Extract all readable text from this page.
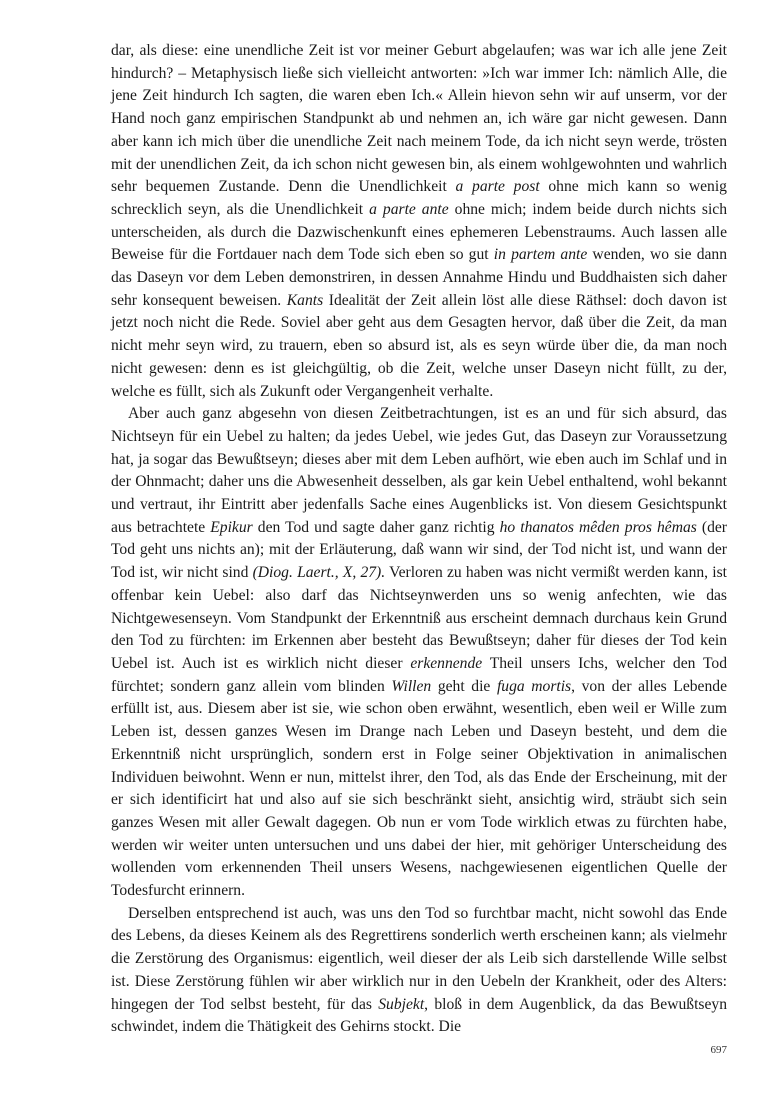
dar, als diese: eine unendliche Zeit ist vor meiner Geburt abgelaufen; was war ich alle jene Zeit hindurch? – Metaphysisch ließe sich vielleicht antworten: »Ich war immer Ich: nämlich Alle, die jene Zeit hindurch Ich sagten, die waren eben Ich.« Allein hievon sehn wir auf unserm, vor der Hand noch ganz empirischen Standpunkt ab und nehmen an, ich wäre gar nicht gewesen. Dann aber kann ich mich über die unendliche Zeit nach meinem Tode, da ich nicht seyn werde, trösten mit der unendlichen Zeit, da ich schon nicht gewesen bin, als einem wohlgewohnten und wahrlich sehr bequemen Zustande. Denn die Unendlichkeit a parte post ohne mich kann so wenig schrecklich seyn, als die Unendlichkeit a parte ante ohne mich; indem beide durch nichts sich unterscheiden, als durch die Dazwischenkunft eines ephemeren Lebenstraums. Auch lassen alle Beweise für die Fortdauer nach dem Tode sich eben so gut in partem ante wenden, wo sie dann das Daseyn vor dem Leben demonstriren, in dessen Annahme Hindu und Buddhaisten sich daher sehr konsequent beweisen. Kants Idealität der Zeit allein löst alle diese Räthsel: doch davon ist jetzt noch nicht die Rede. Soviel aber geht aus dem Gesagten hervor, daß über die Zeit, da man nicht mehr seyn wird, zu trauern, eben so absurd ist, als es seyn würde über die, da man noch nicht gewesen: denn es ist gleichgültig, ob die Zeit, welche unser Daseyn nicht füllt, zu der, welche es füllt, sich als Zukunft oder Vergangenheit verhalte.

Aber auch ganz abgesehn von diesen Zeitbetrachtungen, ist es an und für sich absurd, das Nichtseyn für ein Uebel zu halten; da jedes Uebel, wie jedes Gut, das Daseyn zur Voraussetzung hat, ja sogar das Bewußtseyn; dieses aber mit dem Leben aufhört, wie eben auch im Schlaf und in der Ohnmacht; daher uns die Abwesenheit desselben, als gar kein Uebel enthaltend, wohl bekannt und vertraut, ihr Eintritt aber jedenfalls Sache eines Augenblicks ist. Von diesem Gesichtspunkt aus betrachtete Epikur den Tod und sagte daher ganz richtig ho thanatos mêden pros hêmas (der Tod geht uns nichts an); mit der Erläuterung, daß wann wir sind, der Tod nicht ist, und wann der Tod ist, wir nicht sind (Diog. Laert., X, 27). Verloren zu haben was nicht vermißt werden kann, ist offenbar kein Uebel: also darf das Nichtseynwerden uns so wenig anfechten, wie das Nichtgewesenseyn. Vom Standpunkt der Erkenntniß aus erscheint demnach durchaus kein Grund den Tod zu fürchten: im Erkennen aber besteht das Bewußtseyn; daher für dieses der Tod kein Uebel ist. Auch ist es wirklich nicht dieser erkennende Theil unsers Ichs, welcher den Tod fürchtet; sondern ganz allein vom blinden Willen geht die fuga mortis, von der alles Lebende erfüllt ist, aus. Diesem aber ist sie, wie schon oben erwähnt, wesentlich, eben weil er Wille zum Leben ist, dessen ganzes Wesen im Drange nach Leben und Daseyn besteht, und dem die Erkenntniß nicht ursprünglich, sondern erst in Folge seiner Objektivation in animalischen Individuen beiwohnt. Wenn er nun, mittelst ihrer, den Tod, als das Ende der Erscheinung, mit der er sich identificirt hat und also auf sie sich beschränkt sieht, ansichtig wird, sträubt sich sein ganzes Wesen mit aller Gewalt dagegen. Ob nun er vom Tode wirklich etwas zu fürchten habe, werden wir weiter unten untersuchen und uns dabei der hier, mit gehöriger Unterscheidung des wollenden vom erkennenden Theil unsers Wesens, nachgewiesenen eigentlichen Quelle der Todesfurcht erinnern.

Derselben entsprechend ist auch, was uns den Tod so furchtbar macht, nicht sowohl das Ende des Lebens, da dieses Keinem als des Regrettirens sonderlich werth erscheinen kann; als vielmehr die Zerstörung des Organismus: eigentlich, weil dieser der als Leib sich darstellende Wille selbst ist. Diese Zerstörung fühlen wir aber wirklich nur in den Uebeln der Krankheit, oder des Alters: hingegen der Tod selbst besteht, für das Subjekt, bloß in dem Augenblick, da das Bewußtseyn schwindet, indem die Thätigkeit des Gehirns stockt. Die

697
